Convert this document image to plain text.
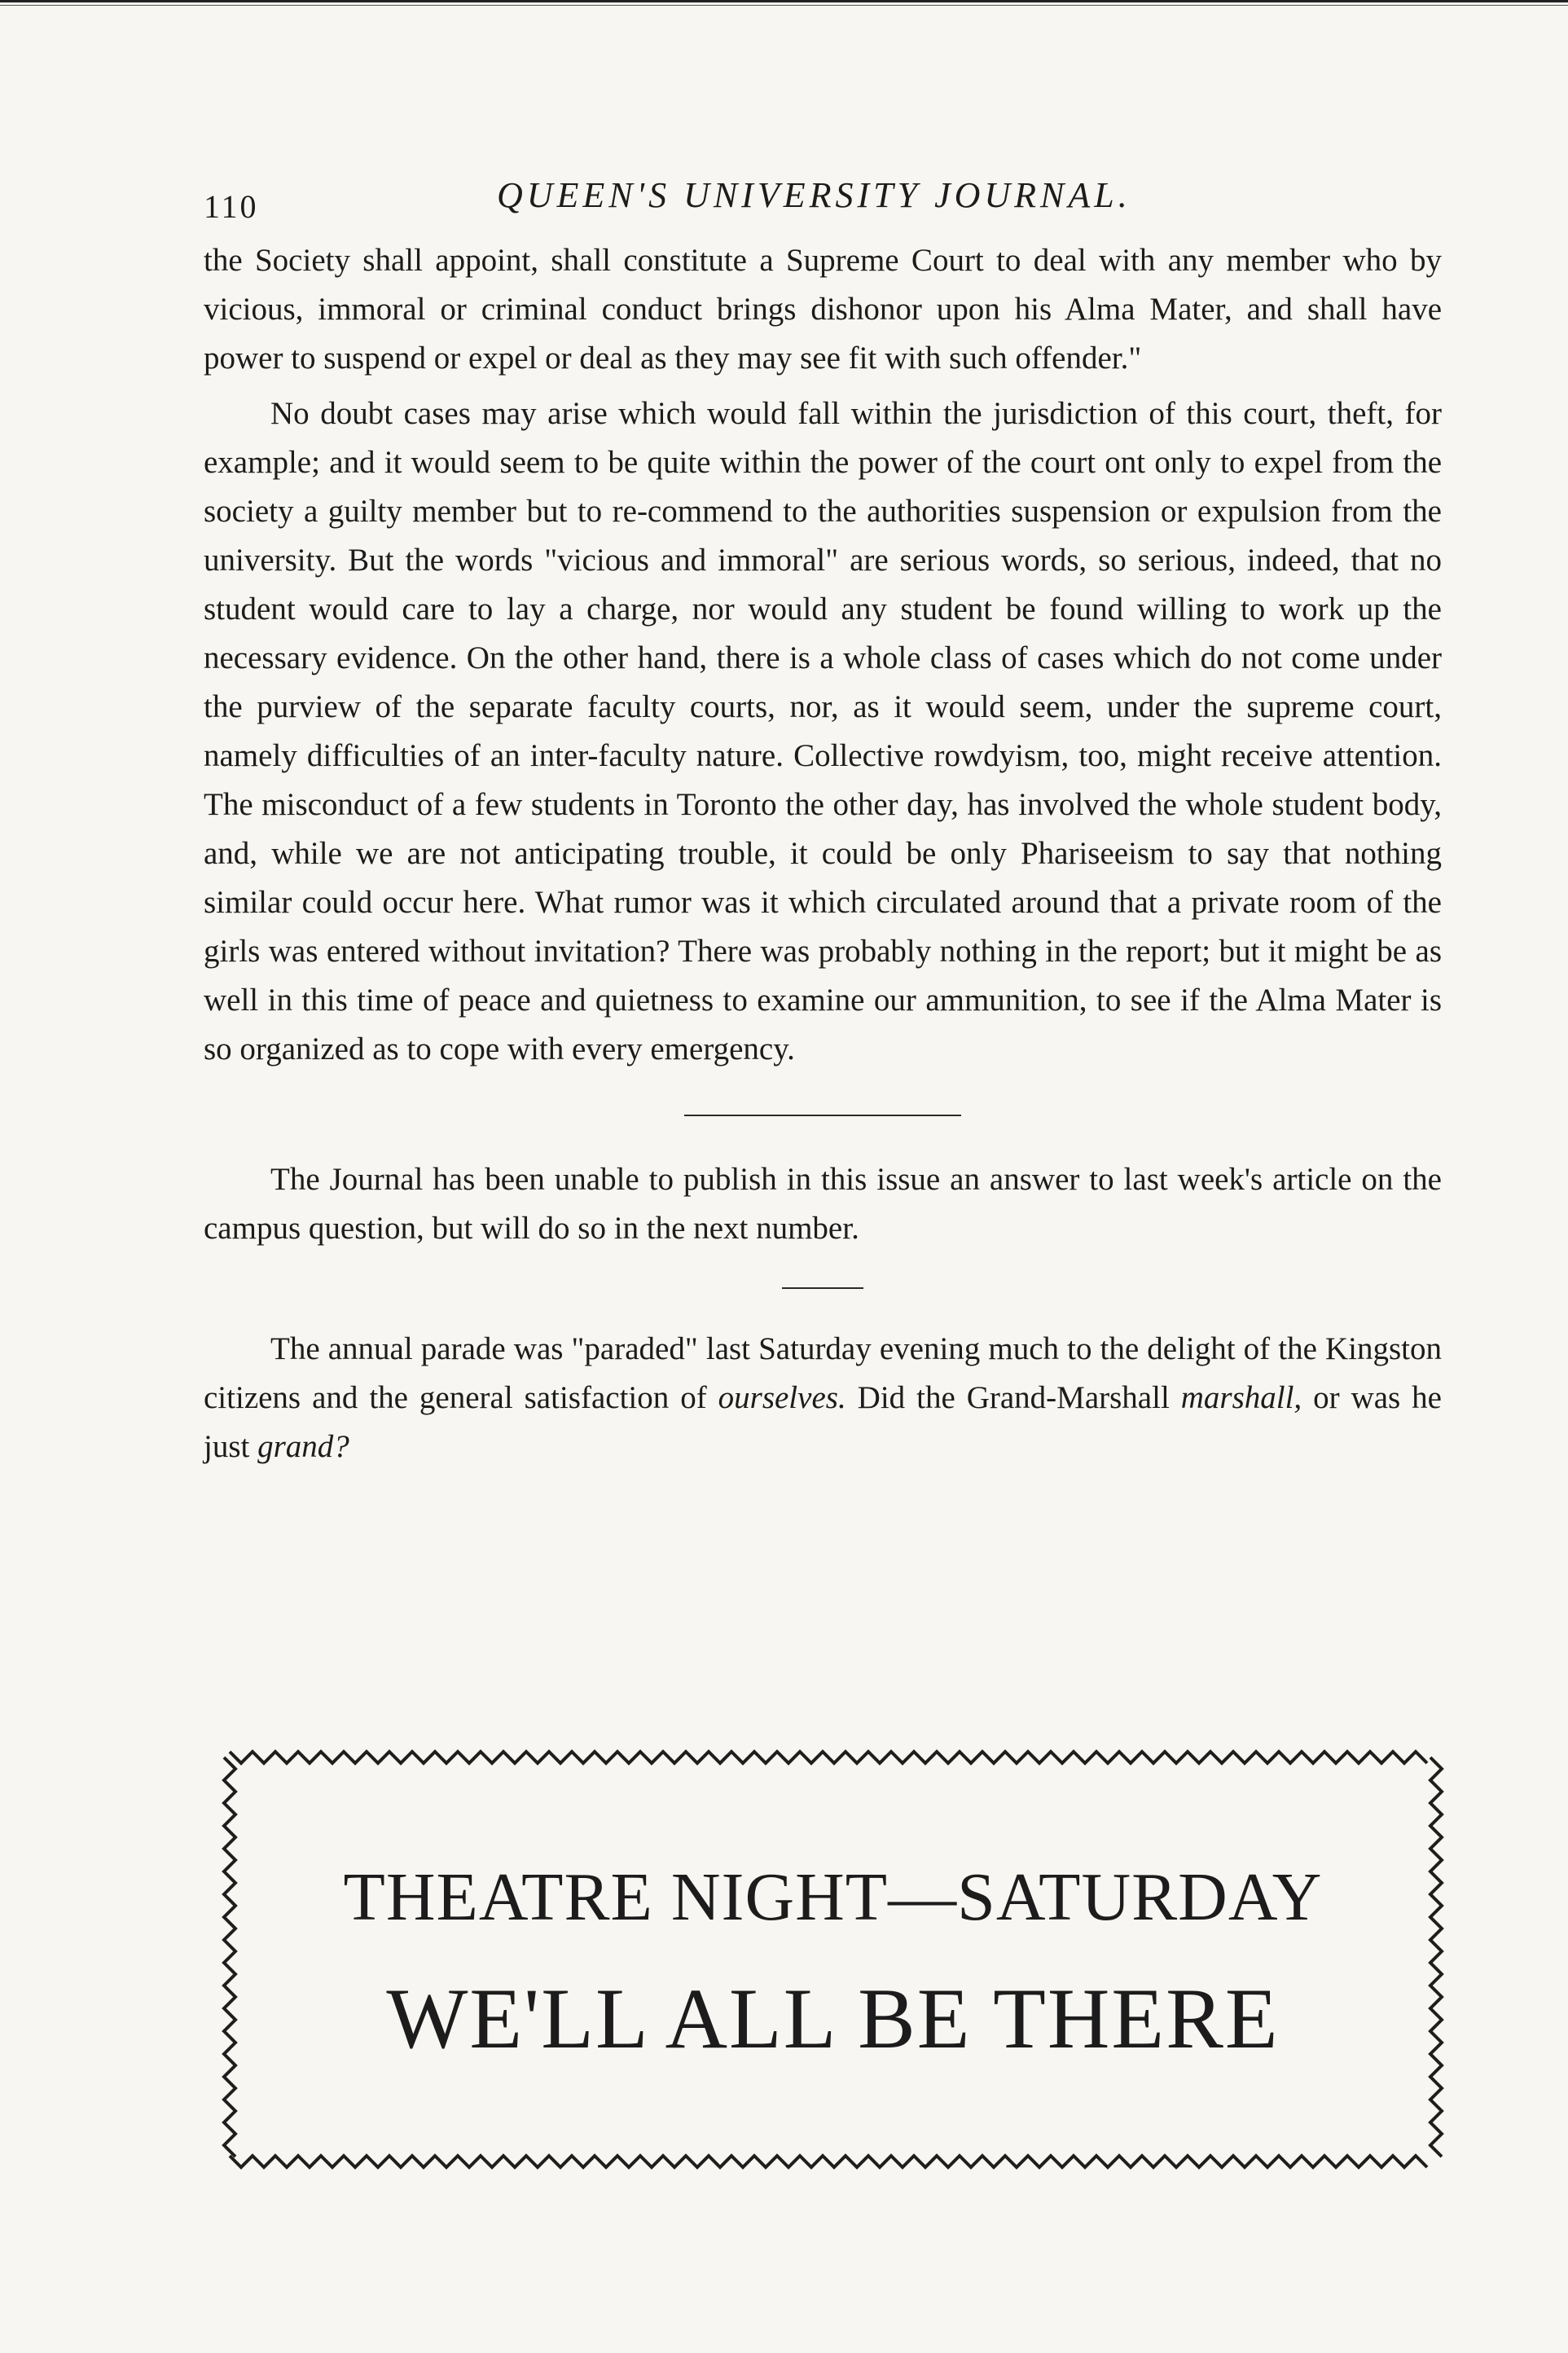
110	QUEEN'S UNIVERSITY JOURNAL.

the Society shall appoint, shall constitute a Supreme Court to deal with any member who by vicious, immoral or criminal conduct brings dishonor upon his Alma Mater, and shall have power to suspend or expel or deal as they may see fit with such offender."

No doubt cases may arise which would fall within the jurisdiction of this court, theft, for example; and it would seem to be quite within the power of the court ont only to expel from the society a guilty member but to re-commend to the authorities suspension or expulsion from the university. But the words "vicious and immoral" are serious words, so serious, indeed, that no student would care to lay a charge, nor would any student be found willing to work up the necessary evidence. On the other hand, there is a whole class of cases which do not come under the purview of the separate faculty courts, nor, as it would seem, under the supreme court, namely difficulties of an inter-faculty nature. Collective rowdyism, too, might receive attention. The misconduct of a few students in Toronto the other day, has involved the whole student body, and, while we are not anticipating trouble, it could be only Phariseeism to say that nothing similar could occur here. What rumor was it which circulated around that a private room of the girls was entered without invitation? There was probably nothing in the report; but it might be as well in this time of peace and quietness to examine our ammunition, to see if the Alma Mater is so organized as to cope with every emergency.

The Journal has been unable to publish in this issue an answer to last week's article on the campus question, but will do so in the next number.

The annual parade was "paraded" last Saturday evening much to the delight of the Kingston citizens and the general satisfaction of ourselves. Did the Grand-Marshall marshall, or was he just grand?

THEATRE NIGHT—SATURDAY
WE'LL ALL BE THERE
